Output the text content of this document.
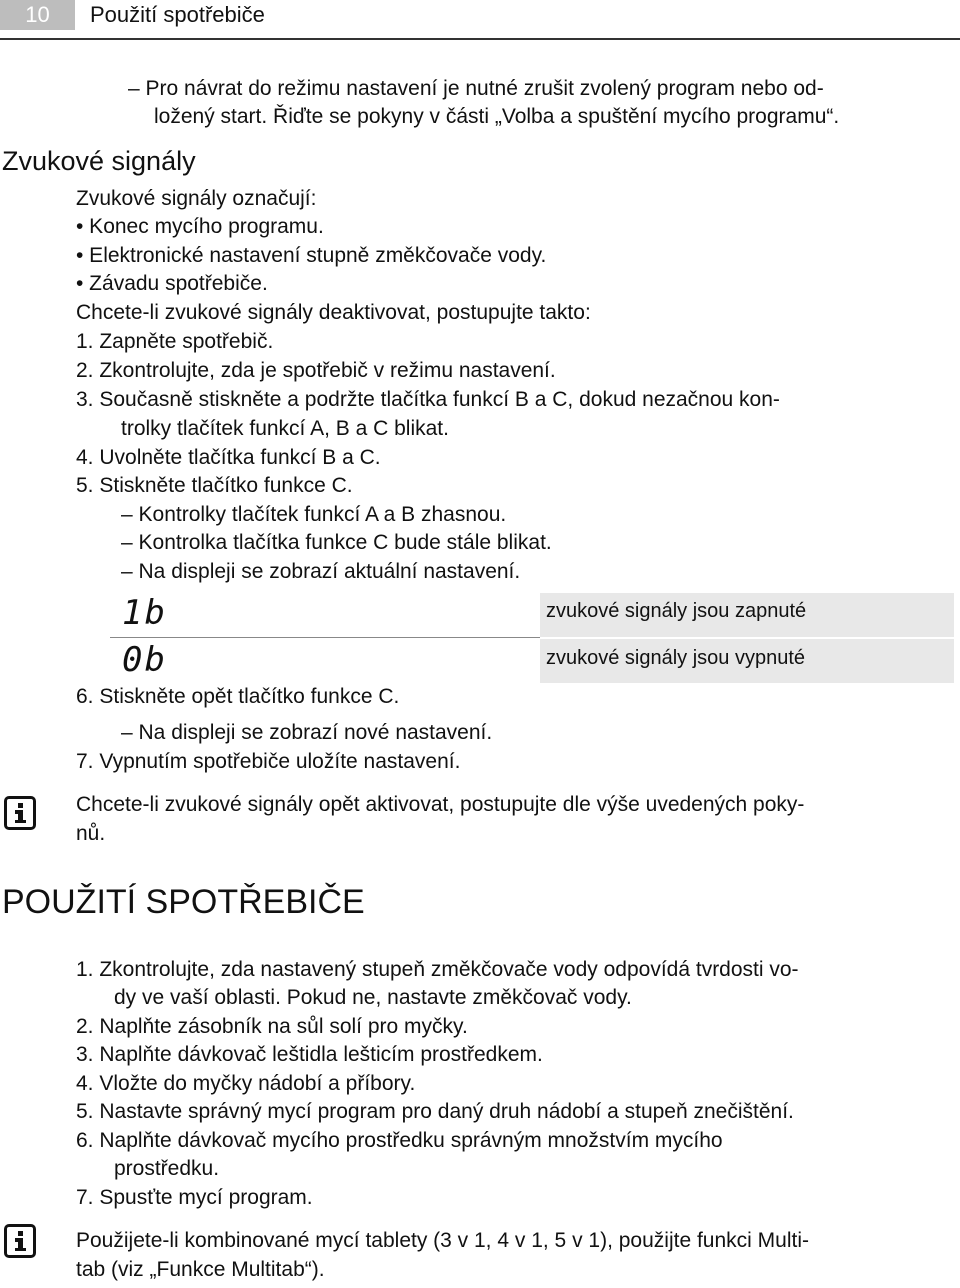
10	Použití spotřebiče
– Pro návrat do režimu nastavení je nutné zrušit zvolený program nebo od-
ložený start. Řiďte se pokyny v části „Volba a spuštění mycího programu“.
Zvukové signály
Zvukové signály označují:
• Konec mycího programu.
• Elektronické nastavení stupně změkčovače vody.
• Závadu spotřebiče.
Chcete-li zvukové signály deaktivovat, postupujte takto:
1. Zapněte spotřebič.
2. Zkontrolujte, zda je spotřebič v režimu nastavení.
3. Současně stiskněte a podržte tlačítka funkcí B a C, dokud nezačnou kon-
trolky tlačítek funkcí A, B a C blikat.
4. Uvolněte tlačítka funkcí B a C.
5. Stiskněte tlačítko funkce C.
– Kontrolky tlačítek funkcí A a B zhasnou.
– Kontrolka tlačítka funkce C bude stále blikat.
– Na displeji se zobrazí aktuální nastavení.
1b	zvukové signály jsou zapnuté
0b	zvukové signály jsou vypnuté
6. Stiskněte opět tlačítko funkce C.
– Na displeji se zobrazí nové nastavení.
7. Vypnutím spotřebiče uložíte nastavení.
Chcete-li zvukové signály opět aktivovat, postupujte dle výše uvedených poky-
nů.
POUŽITÍ SPOTŘEBIČE
1. Zkontrolujte, zda nastavený stupeň změkčovače vody odpovídá tvrdosti vo-
dy ve vaší oblasti. Pokud ne, nastavte změkčovač vody.
2. Naplňte zásobník na sůl solí pro myčky.
3. Naplňte dávkovač leštidla lešticím prostředkem.
4. Vložte do myčky nádobí a příbory.
5. Nastavte správný mycí program pro daný druh nádobí a stupeň znečištění.
6. Naplňte dávkovač mycího prostředku správným množstvím mycího
prostředku.
7. Spusťte mycí program.
Použijete-li kombinované mycí tablety (3 v 1, 4 v 1, 5 v 1), použijte funkci Multi-
tab (viz „Funkce Multitab“).
